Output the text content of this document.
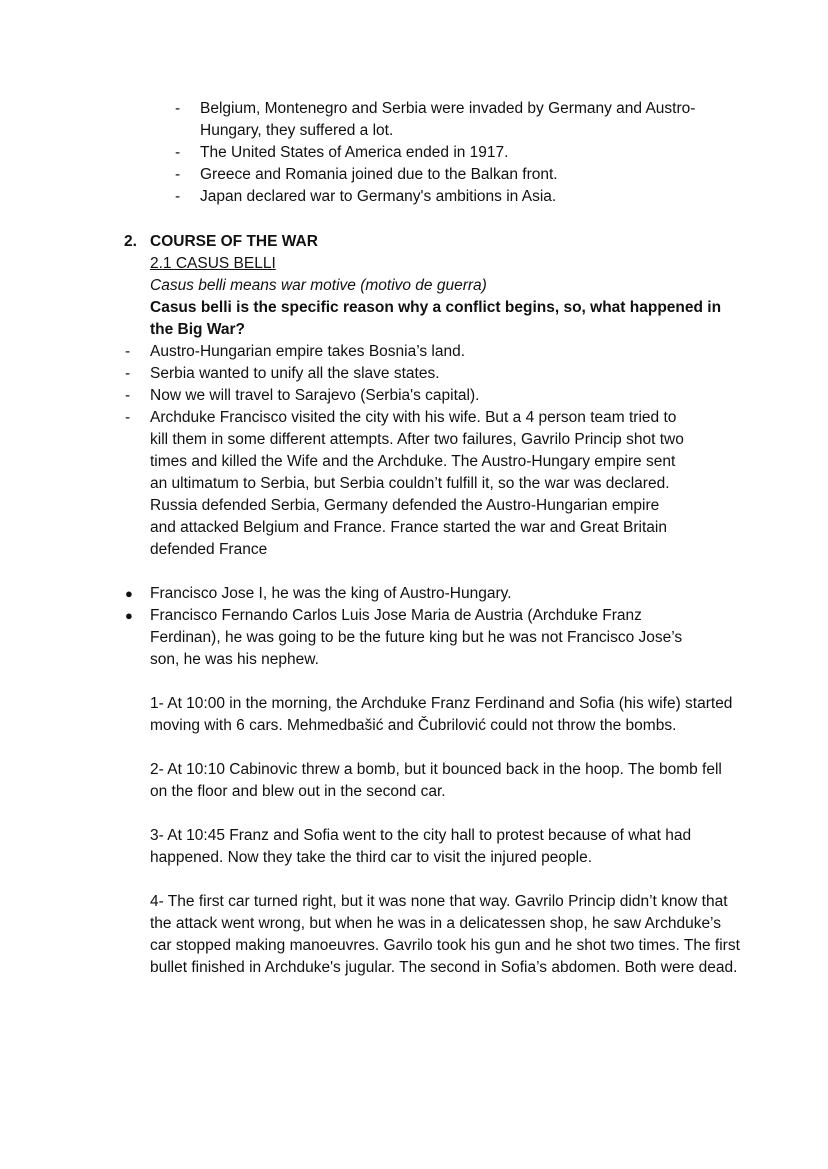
- Belgium, Montenegro and Serbia were invaded by Germany and Austro-Hungary, they suffered a lot.
- The United States of America ended in 1917.
- Greece and Romania joined due to the Balkan front.
- Japan declared war to Germany's ambitions in Asia.
2. COURSE OF THE WAR
2.1 CASUS BELLI
Casus belli means war motive (motivo de guerra)
Casus belli is the specific reason why a conflict begins, so, what happened in the Big War?
- Austro-Hungarian empire takes Bosnia’s land.
- Serbia wanted to unify all the slave states.
- Now we will travel to Sarajevo (Serbia's capital).
- Archduke Francisco visited the city with his wife. But a 4 person team tried to kill them in some different attempts. After two failures, Gavrilo Princip shot two times and killed the Wife and the Archduke. The Austro-Hungary empire sent an ultimatum to Serbia, but Serbia couldn’t fulfill it, so the war was declared. Russia defended Serbia, Germany defended the Austro-Hungarian empire and attacked Belgium and France. France started the war and Great Britain defended France
● Francisco Jose I, he was the king of Austro-Hungary.
● Francisco Fernando Carlos Luis Jose Maria de Austria (Archduke Franz Ferdinan), he was going to be the future king but he was not Francisco Jose’s son, he was his nephew.

1- At 10:00 in the morning, the Archduke Franz Ferdinand and Sofia (his wife) started moving with 6 cars. Mehmedbašić and Čubrilović could not throw the bombs.

2- At 10:10 Cabinovic threw a bomb, but it bounced back in the hoop. The bomb fell on the floor and blew out in the second car.

3- At 10:45 Franz and Sofia went to the city hall to protest because of what had happened. Now they take the third car to visit the injured people.

4- The first car turned right, but it was none that way. Gavrilo Princip didn’t know that the attack went wrong, but when he was in a delicatessen shop, he saw Archduke’s car stopped making manoeuvres. Gavrilo took his gun and he shot two times. The first bullet finished in Archduke's jugular. The second in Sofia’s abdomen. Both were dead.
